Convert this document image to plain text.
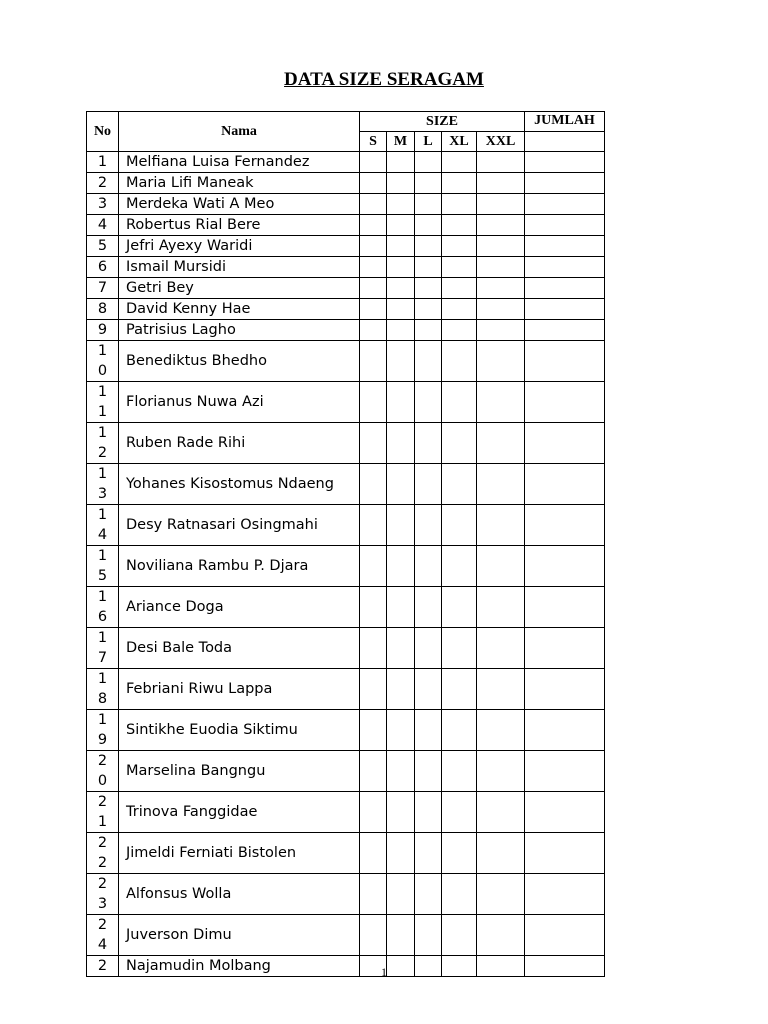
DATA SIZE SERAGAM
No	Nama	SIZE					JUMLAH
		S	M	L	XL	XXL	
1	Melfiana Luisa Fernandez						
2	Maria Lifi Maneak						
3	Merdeka Wati A Meo						
4	Robertus Rial Bere						
5	Jefri Ayexy Waridi						
6	Ismail Mursidi						
7	Getri Bey						
8	David Kenny Hae						
9	Patrisius Lagho						
10	Benediktus Bhedho						
11	Florianus Nuwa Azi						
12	Ruben Rade Rihi						
13	Yohanes Kisostomus Ndaeng						
14	Desy Ratnasari Osingmahi						
15	Noviliana Rambu P. Djara						
16	Ariance Doga						
17	Desi Bale Toda						
18	Febriani Riwu Lappa						
19	Sintikhe Euodia Siktimu						
20	Marselina Bangngu						
21	Trinova Fanggidae						
22	Jimeldi Ferniati Bistolen						
23	Alfonsus Wolla						
24	Juverson Dimu						
2	Najamudin Molbang							1
